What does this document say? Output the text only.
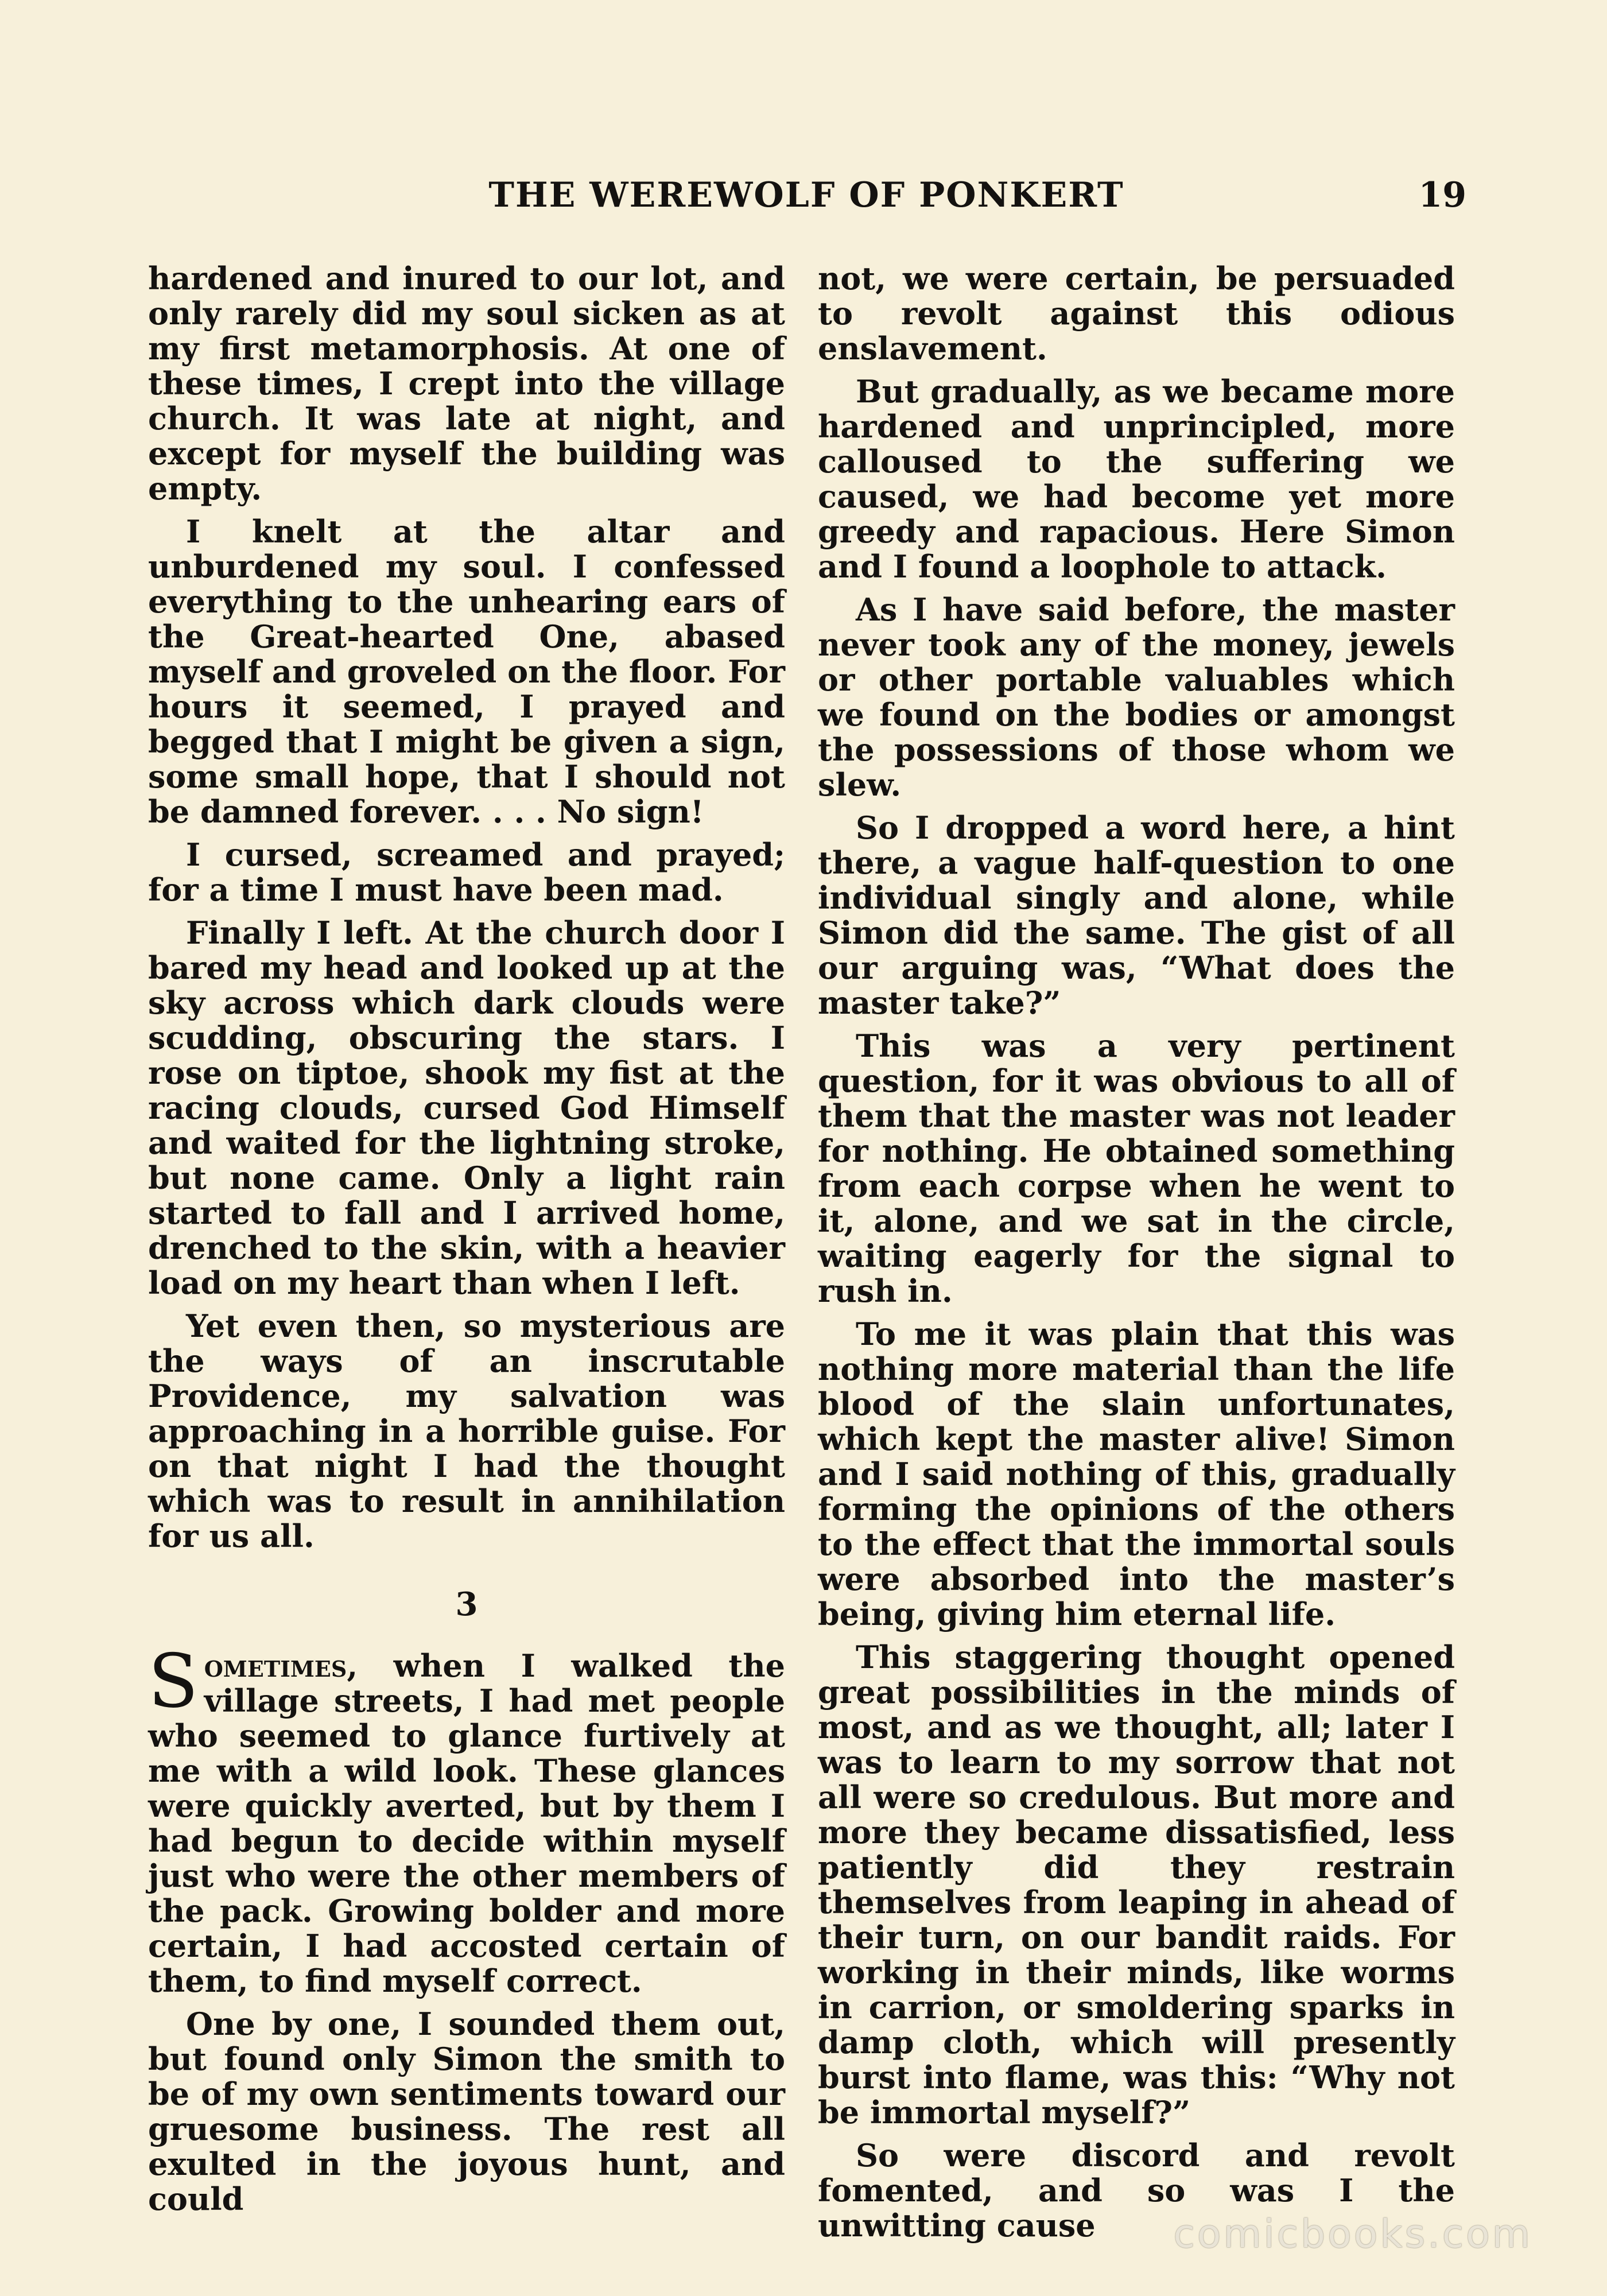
THE WEREWOLF OF PONKERT	19

hardened and inured to our lot, and only rarely did my soul sicken as at my first metamorphosis. At one of these times, I crept into the village church. It was late at night, and except for myself the building was empty.

I knelt at the altar and unburdened my soul. I confessed everything to the unhearing ears of the Great-hearted One, abased myself and groveled on the floor. For hours it seemed, I prayed and begged that I might be given a sign, some small hope, that I should not be damned forever. . . . No sign!

I cursed, screamed and prayed; for a time I must have been mad.

Finally I left. At the church door I bared my head and looked up at the sky across which dark clouds were scudding, obscuring the stars. I rose on tiptoe, shook my fist at the racing clouds, cursed God Himself and waited for the lightning stroke, but none came. Only a light rain started to fall and I arrived home, drenched to the skin, with a heavier load on my heart than when I left.

Yet even then, so mysterious are the ways of an inscrutable Providence, my salvation was approaching in a horrible guise. For on that night I had the thought which was to result in annihilation for us all.

3

Sometimes, when I walked the village streets, I had met people who seemed to glance furtively at me with a wild look. These glances were quickly averted, but by them I had begun to decide within myself just who were the other members of the pack. Growing bolder and more certain, I had accosted certain of them, to find myself correct.

One by one, I sounded them out, but found only Simon the smith to be of my own sentiments toward our gruesome business. The rest all exulted in the joyous hunt, and could

not, we were certain, be persuaded to revolt against this odious enslavement.

But gradually, as we became more hardened and unprincipled, more calloused to the suffering we caused, we had become yet more greedy and rapacious. Here Simon and I found a loophole to attack.

As I have said before, the master never took any of the money, jewels or other portable valuables which we found on the bodies or amongst the possessions of those whom we slew.

So I dropped a word here, a hint there, a vague half-question to one individual singly and alone, while Simon did the same. The gist of all our arguing was, “What does the master take?”

This was a very pertinent question, for it was obvious to all of them that the master was not leader for nothing. He obtained something from each corpse when he went to it, alone, and we sat in the circle, waiting eagerly for the signal to rush in.

To me it was plain that this was nothing more material than the life blood of the slain unfortunates, which kept the master alive! Simon and I said nothing of this, gradually forming the opinions of the others to the effect that the immortal souls were absorbed into the master’s being, giving him eternal life.

This staggering thought opened great possibilities in the minds of most, and as we thought, all; later I was to learn to my sorrow that not all were so credulous. But more and more they became dissatisfied, less patiently did they restrain themselves from leaping in ahead of their turn, on our bandit raids. For working in their minds, like worms in carrion, or smoldering sparks in damp cloth, which will presently burst into flame, was this: “Why not be immortal myself?”

So were discord and revolt fomented, and so was I the unwitting cause	comicbooks.com
